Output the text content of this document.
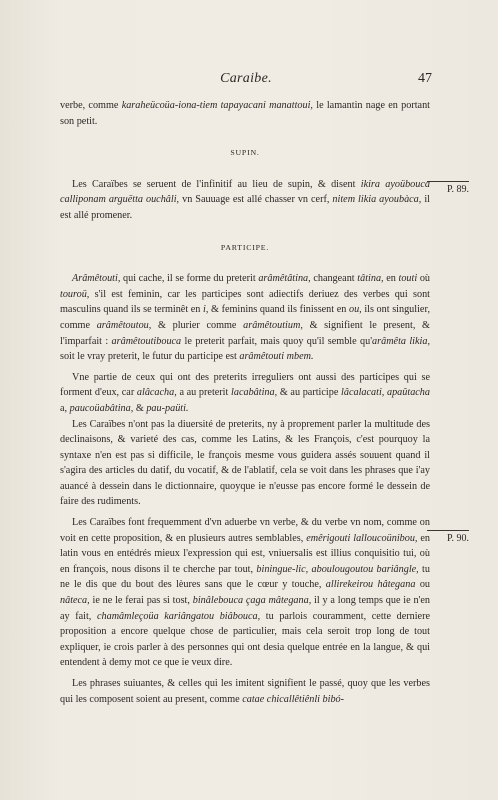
Caraibe.	47
P. 89.
P. 90.

verbe, comme karaheücoüa-iona-tiem tapayacani manattoui, le lamantin nage en portant son petit.

SUPIN.

Les Caraïbes se seruent de l'infinitif au lieu de supin, & disent ikira ayoübouca calliponam arguëtta ouchâli, vn Sauuage est allé chasser vn cerf, nitem likia ayoubàca, il est allé promener.

PARTICIPE.

Arâmêtouti, qui cache, il se forme du preterit arâmêtâtina, changeant tâtina, en touti où touroü, s'il est feminin, car les participes sont adiectifs deriuez des verbes qui sont masculins quand ils se terminêt en i, & feminins quand ils finissent en ou, ils ont singulier, comme arâmêtoutou, & plurier comme arâmêtoutium, & signifient le present, & l'imparfait : arâmêtoutibouca le preterit parfait, mais quoy qu'il semble qu'arâmêta likia, soit le vray preterit, le futur du participe est arâmêtouti mbem.

Vne partie de ceux qui ont des preterits irreguliers ont aussi des participes qui se forment d'eux, car alâcacha, a au preterit lacabâtina, & au participe lâcalacati, apaûtacha a, paucoüabâtina, & pau-paüti.

Les Caraïbes n'ont pas la diuersité de preterits, ny à proprement parler la multitude des declinaisons, & varieté des cas, comme les Latins, & les François, c'est pourquoy la syntaxe n'en est pas si difficile, le françois mesme vous guidera assés souuent quand il s'agira des articles du datif, du vocatif, & de l'ablatif, cela se voit dans les phrases que i'ay auancé à dessein dans le dictionnaire, quoyque ie n'eusse pas encore formé le dessein de faire des rudiments.

Les Caraïbes font frequemment d'vn aduerbe vn verbe, & du verbe vn nom, comme on voit en cette proposition, & en plusieurs autres semblables, emêrigouti lalloucoünibou, en latin vous en entédrés mieux l'expression qui est, vniuersalis est illius conquisitio tui, où en françois, nous disons il te cherche par tout, biningue-lic, aboulougoutou bariângle, tu ne le dis que du bout des lèures sans que le cœur y touche, allirekeirou hâtegana ou nâteca, ie ne le ferai pas si tost, binâlebouca çaga mâtegana, il y a long temps que ie n'en ay fait, chamâmleçoüa kariângatou biâbouca, tu parlois couramment, cette derniere proposition a encore quelque chose de particulier, mais cela seroit trop long de tout expliquer, ie crois parler à des personnes qui ont desia quelque entrée en la langue, & qui entendent à demy mot ce que ie veux dire.

Les phrases suiuantes, & celles qui les imitent signifient le passé, quoy que les verbes qui les composent soient au present, comme catae chicallêtiênli bibó-
